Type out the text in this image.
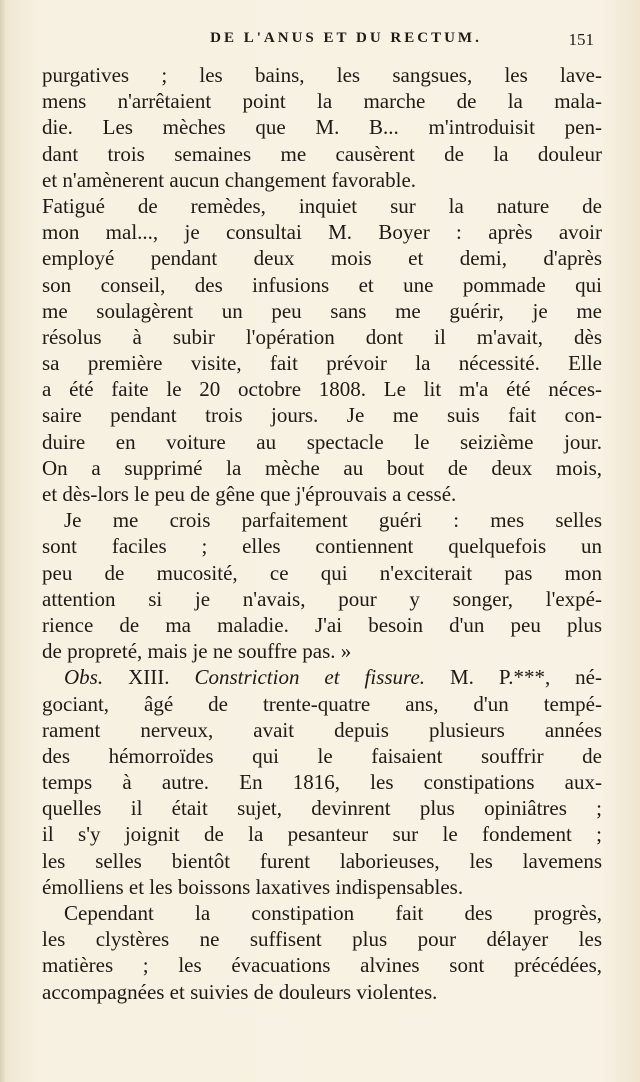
DE L'ANUS ET DU RECTUM.	151
purgatives ; les bains, les sangsues, les lave-
mens n'arrêtaient point la marche de la mala-
die. Les mèches que M. B... m'introduisit pen-
dant trois semaines me causèrent de la douleur
et n'amènerent aucun changement favorable.
Fatigué de remèdes, inquiet sur la nature de
mon mal..., je consultai M. Boyer : après avoir
employé pendant deux mois et demi, d'après
son conseil, des infusions et une pommade qui
me soulagèrent un peu sans me guérir, je me
résolus à subir l'opération dont il m'avait, dès
sa première visite, fait prévoir la nécessité. Elle
a été faite le 20 octobre 1808. Le lit m'a été néces-
saire pendant trois jours. Je me suis fait con-
duire en voiture au spectacle le seizième jour.
On a supprimé la mèche au bout de deux mois,
et dès-lors le peu de gêne que j'éprouvais a cessé.
Je me crois parfaitement guéri : mes selles
sont faciles ; elles contiennent quelquefois un
peu de mucosité, ce qui n'exciterait pas mon
attention si je n'avais, pour y songer, l'expé-
rience de ma maladie. J'ai besoin d'un peu plus
de propreté, mais je ne souffre pas. »
Obs. XIII. Constriction et fissure. M. P.***, né-
gociant, âgé de trente-quatre ans, d'un tempé-
rament nerveux, avait depuis plusieurs années
des hémorroïdes qui le faisaient souffrir de
temps à autre. En 1816, les constipations aux-
quelles il était sujet, devinrent plus opiniâtres ;
il s'y joignit de la pesanteur sur le fondement ;
les selles bientôt furent laborieuses, les lavemens
émolliens et les boissons laxatives indispensables.
Cependant la constipation fait des progrès,
les clystères ne suffisent plus pour délayer les
matières ; les évacuations alvines sont précédées,
accompagnées et suivies de douleurs violentes.
